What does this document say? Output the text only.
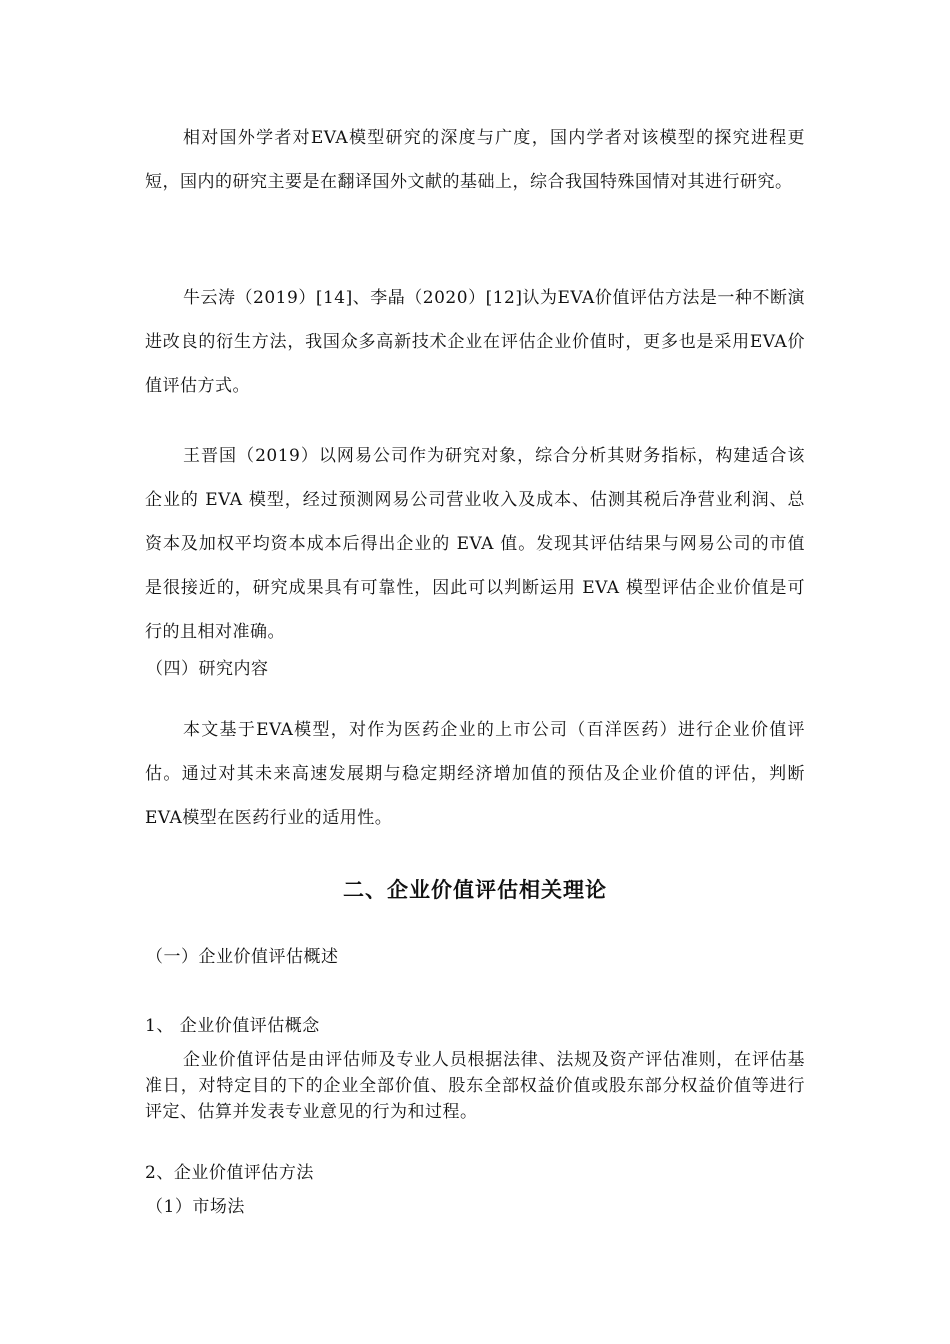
相对国外学者对EVA模型研究的深度与广度，国内学者对该模型的探究进程更短，国内的研究主要是在翻译国外文献的基础上，综合我国特殊国情对其进行研究。

牛云涛（2019）[14]、李晶（2020）[12]认为EVA价值评估方法是一种不断演进改良的衍生方法，我国众多高新技术企业在评估企业价值时，更多也是采用EVA价值评估方式。

王晋国（2019）以网易公司作为研究对象，综合分析其财务指标，构建适合该企业的 EVA 模型，经过预测网易公司营业收入及成本、估测其税后净营业利润、总资本及加权平均资本成本后得出企业的 EVA 值。发现其评估结果与网易公司的市值是很接近的，研究成果具有可靠性，因此可以判断运用 EVA 模型评估企业价值是可行的且相对准确。

（四）研究内容

本文基于EVA模型，对作为医药企业的上市公司（百洋医药）进行企业价值评估。通过对其未来高速发展期与稳定期经济增加值的预估及企业价值的评估，判断EVA模型在医药行业的适用性。

二、企业价值评估相关理论
（一）企业价值评估概述
1、 企业价值评估概念

企业价值评估是由评估师及专业人员根据法律、法规及资产评估准则，在评估基准日，对特定目的下的企业全部价值、股东全部权益价值或股东部分权益价值等进行评定、估算并发表专业意见的行为和过程。

2、企业价值评估方法
（1）市场法
